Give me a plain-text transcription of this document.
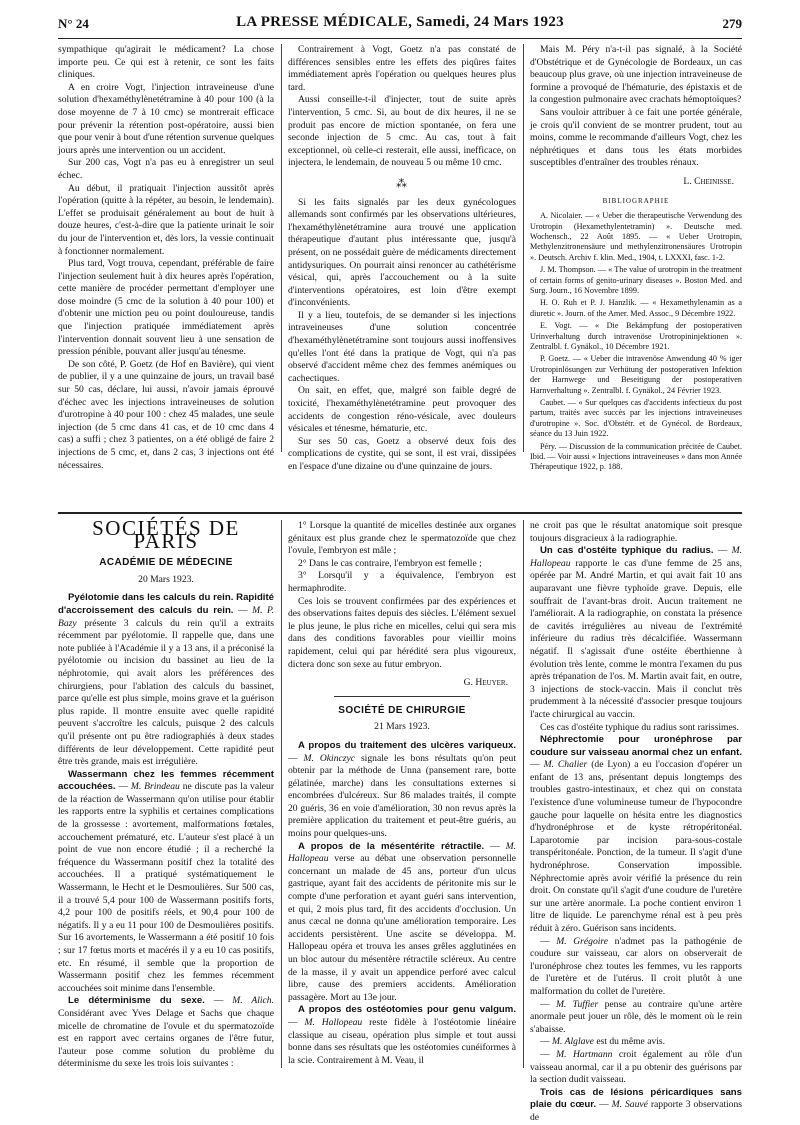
N° 24	LA PRESSE MÉDICALE, Samedi, 24 Mars 1923	279

sympathique qu'agirait le médicament? La chose importe peu. Ce qui est à retenir, ce sont les faits cliniques.

A en croire Vogt, l'injection intraveineuse d'une solution d'hexaméthylènetétramine à 40 pour 100 (à la dose moyenne de 7 à 10 cmc) se montrerait efficace pour prévenir la rétention post-opératoire, aussi bien que pour venir à bout d'une rétention survenue quelques jours après une intervention ou un accident.

Sur 200 cas, Vogt n'a pas eu à enregistrer un seul échec.

Au début, il pratiquait l'injection aussitôt après l'opération (quitte à la répéter, au besoin, le lendemain). L'effet se produisait généralement au bout de huit à douze heures, c'est-à-dire que la patiente urinait le soir du jour de l'intervention et, dès lors, la vessie continuait à fonctionner normalement.

Plus tard, Vogt trouva, cependant, préférable de faire l'injection seulement huit à dix heures après l'opération, cette manière de procéder permettant d'employer une dose moindre (5 cmc de la solution à 40 pour 100) et d'obtenir une miction peu ou point douloureuse, tandis que l'injection pratiquée immédiatement après l'intervention donnait souvent lieu à une sensation de pression pénible, pouvant aller jusqu'au ténesme.

De son côté, P. Goetz (de Hof en Bavière), qui vient de publier, il y a une quinzaine de jours, un travail basé sur 50 cas, déclare, lui aussi, n'avoir jamais éprouvé d'échec avec les injections intraveineuses de solution d'urotropine à 40 pour 100 : chez 45 malades, une seule injection (de 5 cmc dans 41 cas, et de 10 cmc dans 4 cas) a suffi ; chez 3 patientes, on a été obligé de faire 2 injections de 5 cmc, et, dans 2 cas, 3 injections ont été nécessaires.

Contrairement à Vogt, Goetz n'a pas constaté de différences sensibles entre les effets des piqûres faites immédiatement après l'opération ou quelques heures plus tard.

Aussi conseille-t-il d'injecter, tout de suite après l'intervention, 5 cmc. Si, au bout de dix heures, il ne se produit pas encore de miction spontanée, on fera une seconde injection de 5 cmc. Au cas, tout à fait exceptionnel, où celle-ci resterait, elle aussi, inefficace, on injectera, le lendemain, de nouveau 5 ou même 10 cmc.

⁂

Si les faits signalés par les deux gynécologues allemands sont confirmés par les observations ultérieures, l'hexaméthylènetétramine aura trouvé une application thérapeutique d'autant plus intéressante que, jusqu'à présent, on ne possédait guère de médicaments directement antidysuriques. On pourrait ainsi renoncer au cathétérisme vésical, qui, après l'accouchement ou à la suite d'interventions opératoires, est loin d'être exempt d'inconvénients.

Il y a lieu, toutefois, de se demander si les injections intraveineuses d'une solution concentrée d'hexaméthylènetétramine sont toujours aussi inoffensives qu'elles l'ont été dans la pratique de Vogt, qui n'a pas observé d'accident même chez des femmes anémiques ou cachectiques.

On sait, en effet, que, malgré son faible degré de toxicité, l'hexaméthylènetétramine peut provoquer des accidents de congestion réno-vésicale, avec douleurs vésicales et ténesme, hématurie, etc.

Sur ses 50 cas, Goetz a observé deux fois des complications de cystite, qui se sont, il est vrai, dissipées en l'espace d'une dizaine ou d'une quinzaine de jours.

Mais M. Péry n'a-t-il pas signalé, à la Société d'Obstétrique et de Gynécologie de Bordeaux, un cas beaucoup plus grave, où une injection intraveineuse de formine a provoqué de l'hématurie, des épistaxis et de la congestion pulmonaire avec crachats hémoptoïques?

Sans vouloir attribuer à ce fait une portée générale, je crois qu'il convient de se montrer prudent, tout au moins, comme le recommande d'ailleurs Vogt, chez les néphrétiques et dans tous les états morbides susceptibles d'entraîner des troubles rénaux.

L. Cheinisse.

BIBLIOGRAPHIE

A. Nicolaier. — « Ueber die therapeutische Verwendung des Urotropin (Hexamethylentetramin) ». Deutsche med. Wochensch., 22 Août 1895. — « Ueber Urotropin, Methylenzitronensäure und methylenzitronensäures Urotropin ». Deutsch. Archiv f. klin. Med., 1904, t. LXXXI, fasc. 1-2.

J. M. Thompson. — « The value of urotropin in the treatment of certain forms of genito-urinary diseases ». Boston Med. and Surg. Journ., 16 Novembre 1899.

H. O. Ruh et P. J. Hanzlik. — « Hexamethylenamin as a diuretic ». Journ. of the Amer. Med. Assoc., 9 Décembre 1922.

E. Vogt. — « Die Bekämpfung der postoperativen Urinverhaltung durch intravenöse Urotropininjektionen ». Zentralbl. f. Gynäkol., 10 Décembre 1921.

P. Goetz. — « Ueber die intravenöse Anwendung 40 % iger Urotropinlösungen zur Verhütung der postoperativen Infektion der Harnwege und Beseitigung der postoperativen Harnverhaltung ». Zentralbl. f. Gynäkol., 24 Février 1923.

Caubet. — « Sur quelques cas d'accidents infectieux du post partum, traités avec succès par les injections intraveineuses d'urotropine ». Soc. d'Obstétr. et de Gynécol. de Bordeaux, séance du 13 Juin 1922.

Péry. — Discussion de la communication précitée de Caubet. Ibid. — Voir aussi « Injections intraveineuses » dans mon Année Thérapeutique 1922, p. 188.

SOCIÉTÉS DE PARIS
ACADÉMIE DE MÉDECINE
20 Mars 1923.

Pyélotomie dans les calculs du rein. Rapidité d'accroissement des calculs du rein. — M. P. Bazy présente 3 calculs du rein qu'il a extraits récemment par pyélotomie. Il rappelle que, dans une note publiée à l'Académie il y a 13 ans, il a préconisé la pyélotomie ou incision du bassinet au lieu de la néphrotomie, qui avait alors les préférences des chirurgiens, pour l'ablation des calculs du bassinet, parce qu'elle est plus simple, moins grave et la guérison plus rapide. Il montre ensuite avec quelle rapidité peuvent s'accroître les calculs, puisque 2 des calculs qu'il présente ont pu être radiographiés à deux stades différents de leur développement. Cette rapidité peut être très grande, mais est irrégulière.

Wassermann chez les femmes récemment accouchées. — M. Brindeau ne discute pas la valeur de la réaction de Wassermann qu'on utilise pour établir les rapports entre la syphilis et certaines complications de la grossesse : avortement, malformations fœtales, accouchement prématuré, etc. L'auteur s'est placé à un point de vue non encore étudié ; il a recherché la fréquence du Wassermann positif chez la totalité des accouchées. Il a pratiqué systématiquement le Wassermann, le Hecht et le Desmoulières. Sur 500 cas, il a trouvé 5,4 pour 100 de Wassermann positifs forts, 4,2 pour 100 de positifs réels, et 90,4 pour 100 de négatifs. Il y a eu 11 pour 100 de Desmoulières positifs. Sur 16 avortements, le Wassermann a été positif 10 fois ; sur 17 fœtus morts et macérés il y a eu 10 cas positifs, etc. En résumé, il semble que la proportion de Wassermann positif chez les femmes récemment accouchées soit minime dans l'ensemble.

Le déterminisme du sexe. — M. Alich. Considérant avec Yves Delage et Sachs que chaque micelle de chromatine de l'ovule et du spermatozoïde est en rapport avec certains organes de l'être futur, l'auteur pose comme solution du problème du déterminisme du sexe les trois lois suivantes :

1° Lorsque la quantité de micelles destinée aux organes génitaux est plus grande chez le spermatozoïde que chez l'ovule, l'embryon est mâle ;

2° Dans le cas contraire, l'embryon est femelle ;

3° Lorsqu'il y a équivalence, l'embryon est hermaphrodite.

Ces lois se trouvent confirmées par des expériences et des observations faites depuis des siècles. L'élément sexuel le plus jeune, le plus riche en micelles, celui qui sera mis dans des conditions favorables pour vieillir moins rapidement, celui qui par hérédité sera plus vigoureux, dictera donc son sexe au futur embryon.

G. Heuyer.

SOCIÉTÉ DE CHIRURGIE
21 Mars 1923.

A propos du traitement des ulcères variqueux. — M. Okinczyc signale les bons résultats qu'on peut obtenir par la méthode de Unna (pansement rare, botte gélatinée, marche) dans les consultations externes si encombrées d'ulcéreux. Sur 86 malades traités, il compte 20 guéris, 36 en voie d'amélioration, 30 non revus après la première application du traitement et peut-être guéris, au moins pour quelques-uns.

A propos de la mésentérite rétractile. — M. Hallopeau verse au débat une observation personnelle concernant un malade de 45 ans, porteur d'un ulcus gastrique, ayant fait des accidents de péritonite mis sur le compte d'une perforation et ayant guéri sans intervention, et qui, 2 mois plus tard, fit des accidents d'occlusion. Un anus cæcal ne donna qu'une amélioration temporaire. Les accidents persistèrent. Une ascite se développa. M. Hallopeau opéra et trouva les anses grêles agglutinées en un bloc autour du mésentère rétractile scléreux. Au centre de la masse, il y avait un appendice perforé avec calcul libre, cause des premiers accidents. Amélioration passagère. Mort au 13e jour.

A propos des ostéotomies pour genu valgum. — M. Hallopeau reste fidèle à l'ostéotomie linéaire classique au ciseau, opération plus simple et tout aussi bonne dans ses résultats que les ostéotomies cunéiformes à la scie. Contrairement à M. Veau, il

ne croit pas que le résultat anatomique soit presque toujours disgracieux à la radiographie.

Un cas d'ostéite typhique du radius. — M. Hallopeau rapporte le cas d'une femme de 25 ans, opérée par M. André Martin, et qui avait fait 10 ans auparavant une fièvre typhoïde grave. Depuis, elle souffrait de l'avant-bras droit. Aucun traitement ne l'améliorait. A la radiographie, on constata la présence de cavités irrégulières au niveau de l'extrémité inférieure du radius très décalcifiée. Wassermann négatif. Il s'agissait d'une ostéite éberthienne à évolution très lente, comme le montra l'examen du pus après trépanation de l'os. M. Martin avait fait, en outre, 3 injections de stock-vaccin. Mais il conclut très prudemment à la nécessité d'associer presque toujours l'acte chirurgical au vaccin.

Ces cas d'ostéite typhique du radius sont rarissimes.

Néphrectomie pour uronéphrose par coudure sur vaisseau anormal chez un enfant. — M. Chalier (de Lyon) a eu l'occasion d'opérer un enfant de 13 ans, présentant depuis longtemps des troubles gastro-intestinaux, et chez qui on constata l'existence d'une volumineuse tumeur de l'hypocondre gauche pour laquelle on hésita entre les diagnostics d'hydronéphrose et de kyste rétropéritonéal. Laparotomie par incision para-sous-costale transpéritonéale. Ponction, de la tumeur. Il s'agit d'une hydronéphrose. Conservation impossible. Néphrectomie après avoir vérifié la présence du rein droit. On constate qu'il s'agit d'une coudure de l'uretère sur une artère anormale. La poche contient environ 1 litre de liquide. Le parenchyme rénal est à peu près réduit à zéro. Guérison sans incidents.

— M. Grégoire n'admet pas la pathogénie de coudure sur vaisseau, car alors on observerait de l'uronéphrose chez toutes les femmes, vu les rapports de l'uretère et de l'utérus. Il croit plutôt à une malformation du collet de l'uretère.

— M. Tuffier pense au contraire qu'une artère anormale peut jouer un rôle, dès le moment où le rein s'abaisse.

— M. Alglave est du même avis.

— M. Hartmann croit également au rôle d'un vaisseau anormal, car il a pu obtenir des guérisons par la section dudit vaisseau.

Trois cas de lésions péricardiques sans plaie du cœur. — M. Sauvé rapporte 3 observations de
